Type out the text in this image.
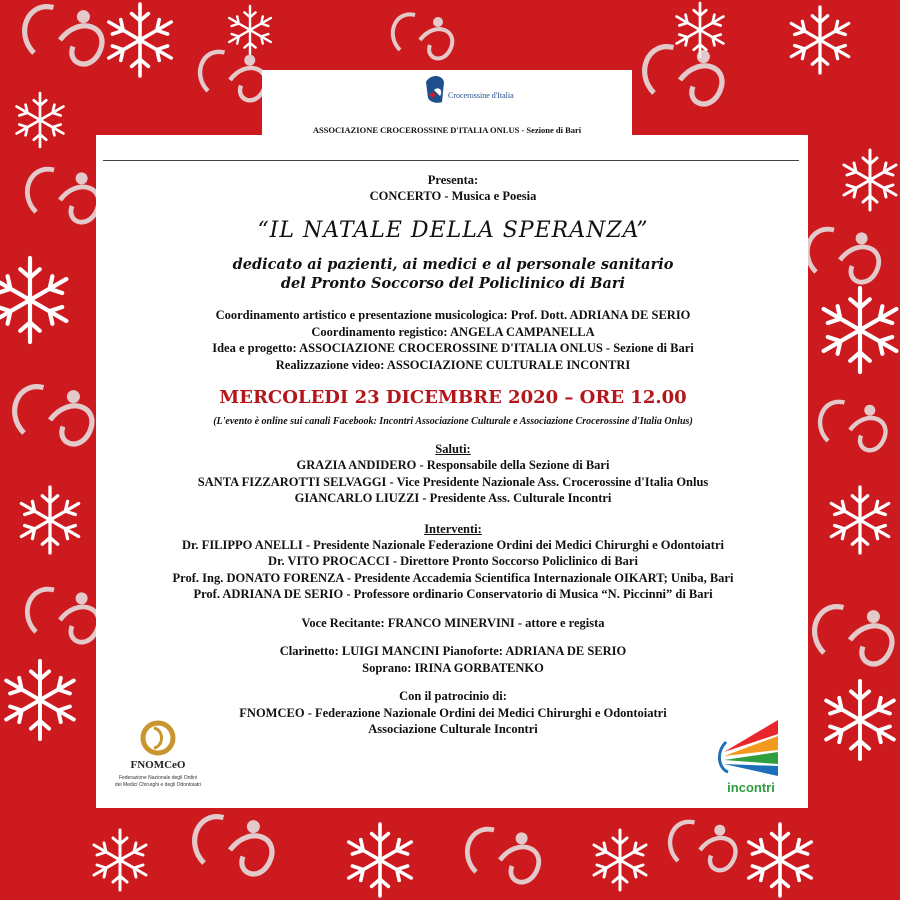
Crocerossine d'Italia
ASSOCIAZIONE CROCEROSSINE D'ITALIA ONLUS - Sezione di Bari
Presenta:
CONCERTO - Musica e Poesia
“IL NATALE DELLA SPERANZA”
dedicato ai pazienti, ai medici e al personale sanitario
del Pronto Soccorso del Policlinico di Bari
Coordinamento artistico e presentazione musicologica: Prof. Dott. ADRIANA DE SERIO
Coordinamento registico: ANGELA CAMPANELLA
Idea e progetto: ASSOCIAZIONE CROCEROSSINE D'ITALIA ONLUS - Sezione di Bari
Realizzazione video: ASSOCIAZIONE CULTURALE INCONTRI
MERCOLEDI 23 DICEMBRE 2020 – ORE 12.00
(L'evento è online sui canali Facebook: Incontri Associazione Culturale e Associazione Crocerossine d'Italia Onlus)
Saluti:
GRAZIA ANDIDERO - Responsabile della Sezione di Bari
SANTA FIZZAROTTI SELVAGGI - Vice Presidente Nazionale Ass. Crocerossine d'Italia Onlus
GIANCARLO LIUZZI - Presidente Ass. Culturale Incontri
Interventi:
Dr. FILIPPO ANELLI - Presidente Nazionale Federazione Ordini dei Medici Chirurghi e Odontoiatri
Dr. VITO PROCACCI - Direttore Pronto Soccorso Policlinico di Bari
Prof. Ing. DONATO FORENZA - Presidente Accademia Scientifica Internazionale OIKART; Uniba, Bari
Prof. ADRIANA DE SERIO - Professore ordinario Conservatorio di Musica “N. Piccinni” di Bari
Voce Recitante: FRANCO MINERVINI - attore e regista
Clarinetto: LUIGI MANCINI Pianoforte: ADRIANA DE SERIO
Soprano: IRINA GORBATENKO
Con il patrocinio di:
FNOMCEO - Federazione Nazionale Ordini dei Medici Chirurghi e Odontoiatri
Associazione Culturale Incontri
FNOMCeO
Federazione Nazionale degli Ordini
dei Medici Chirurghi e degli Odontoiatri	incontri
